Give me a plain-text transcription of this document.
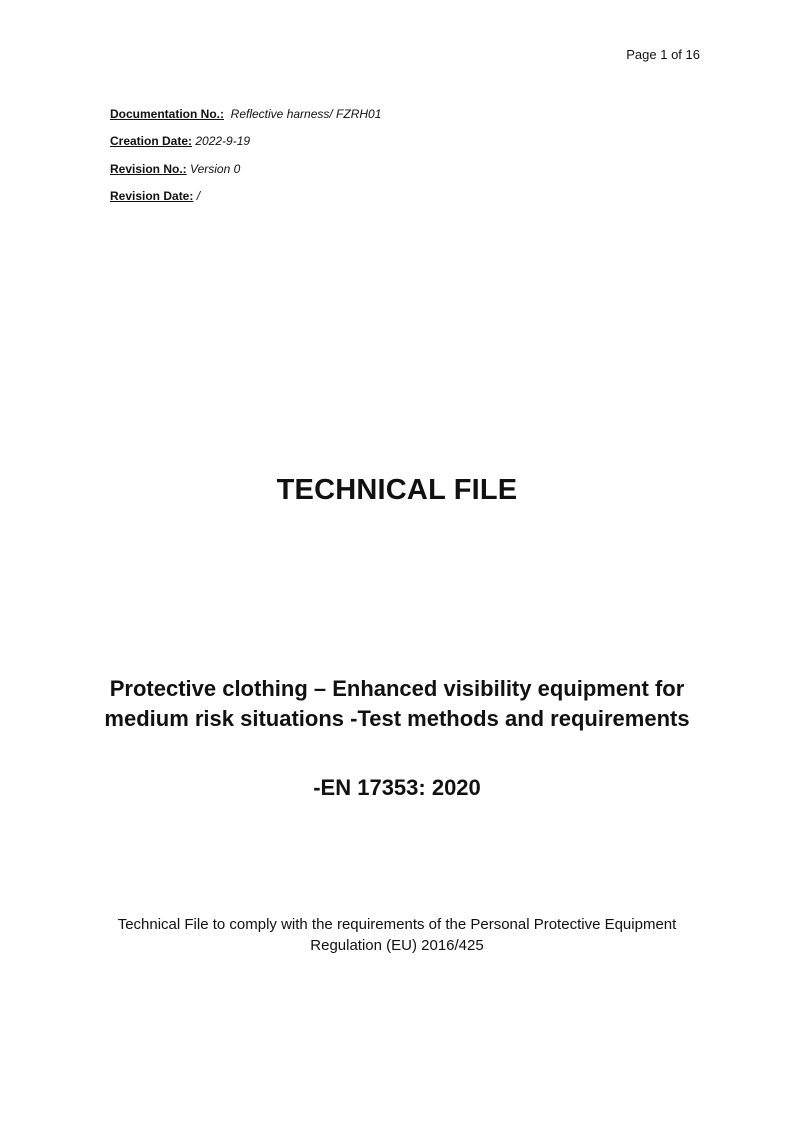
Page 1 of 16
Documentation No.: Reflective harness/ FZRH01
Creation Date: 2022-9-19
Revision No.: Version 0
Revision Date: /
TECHNICAL FILE
Protective clothing – Enhanced visibility equipment for medium risk situations -Test methods and requirements
-EN 17353: 2020
Technical File to comply with the requirements of the Personal Protective Equipment Regulation (EU) 2016/425
